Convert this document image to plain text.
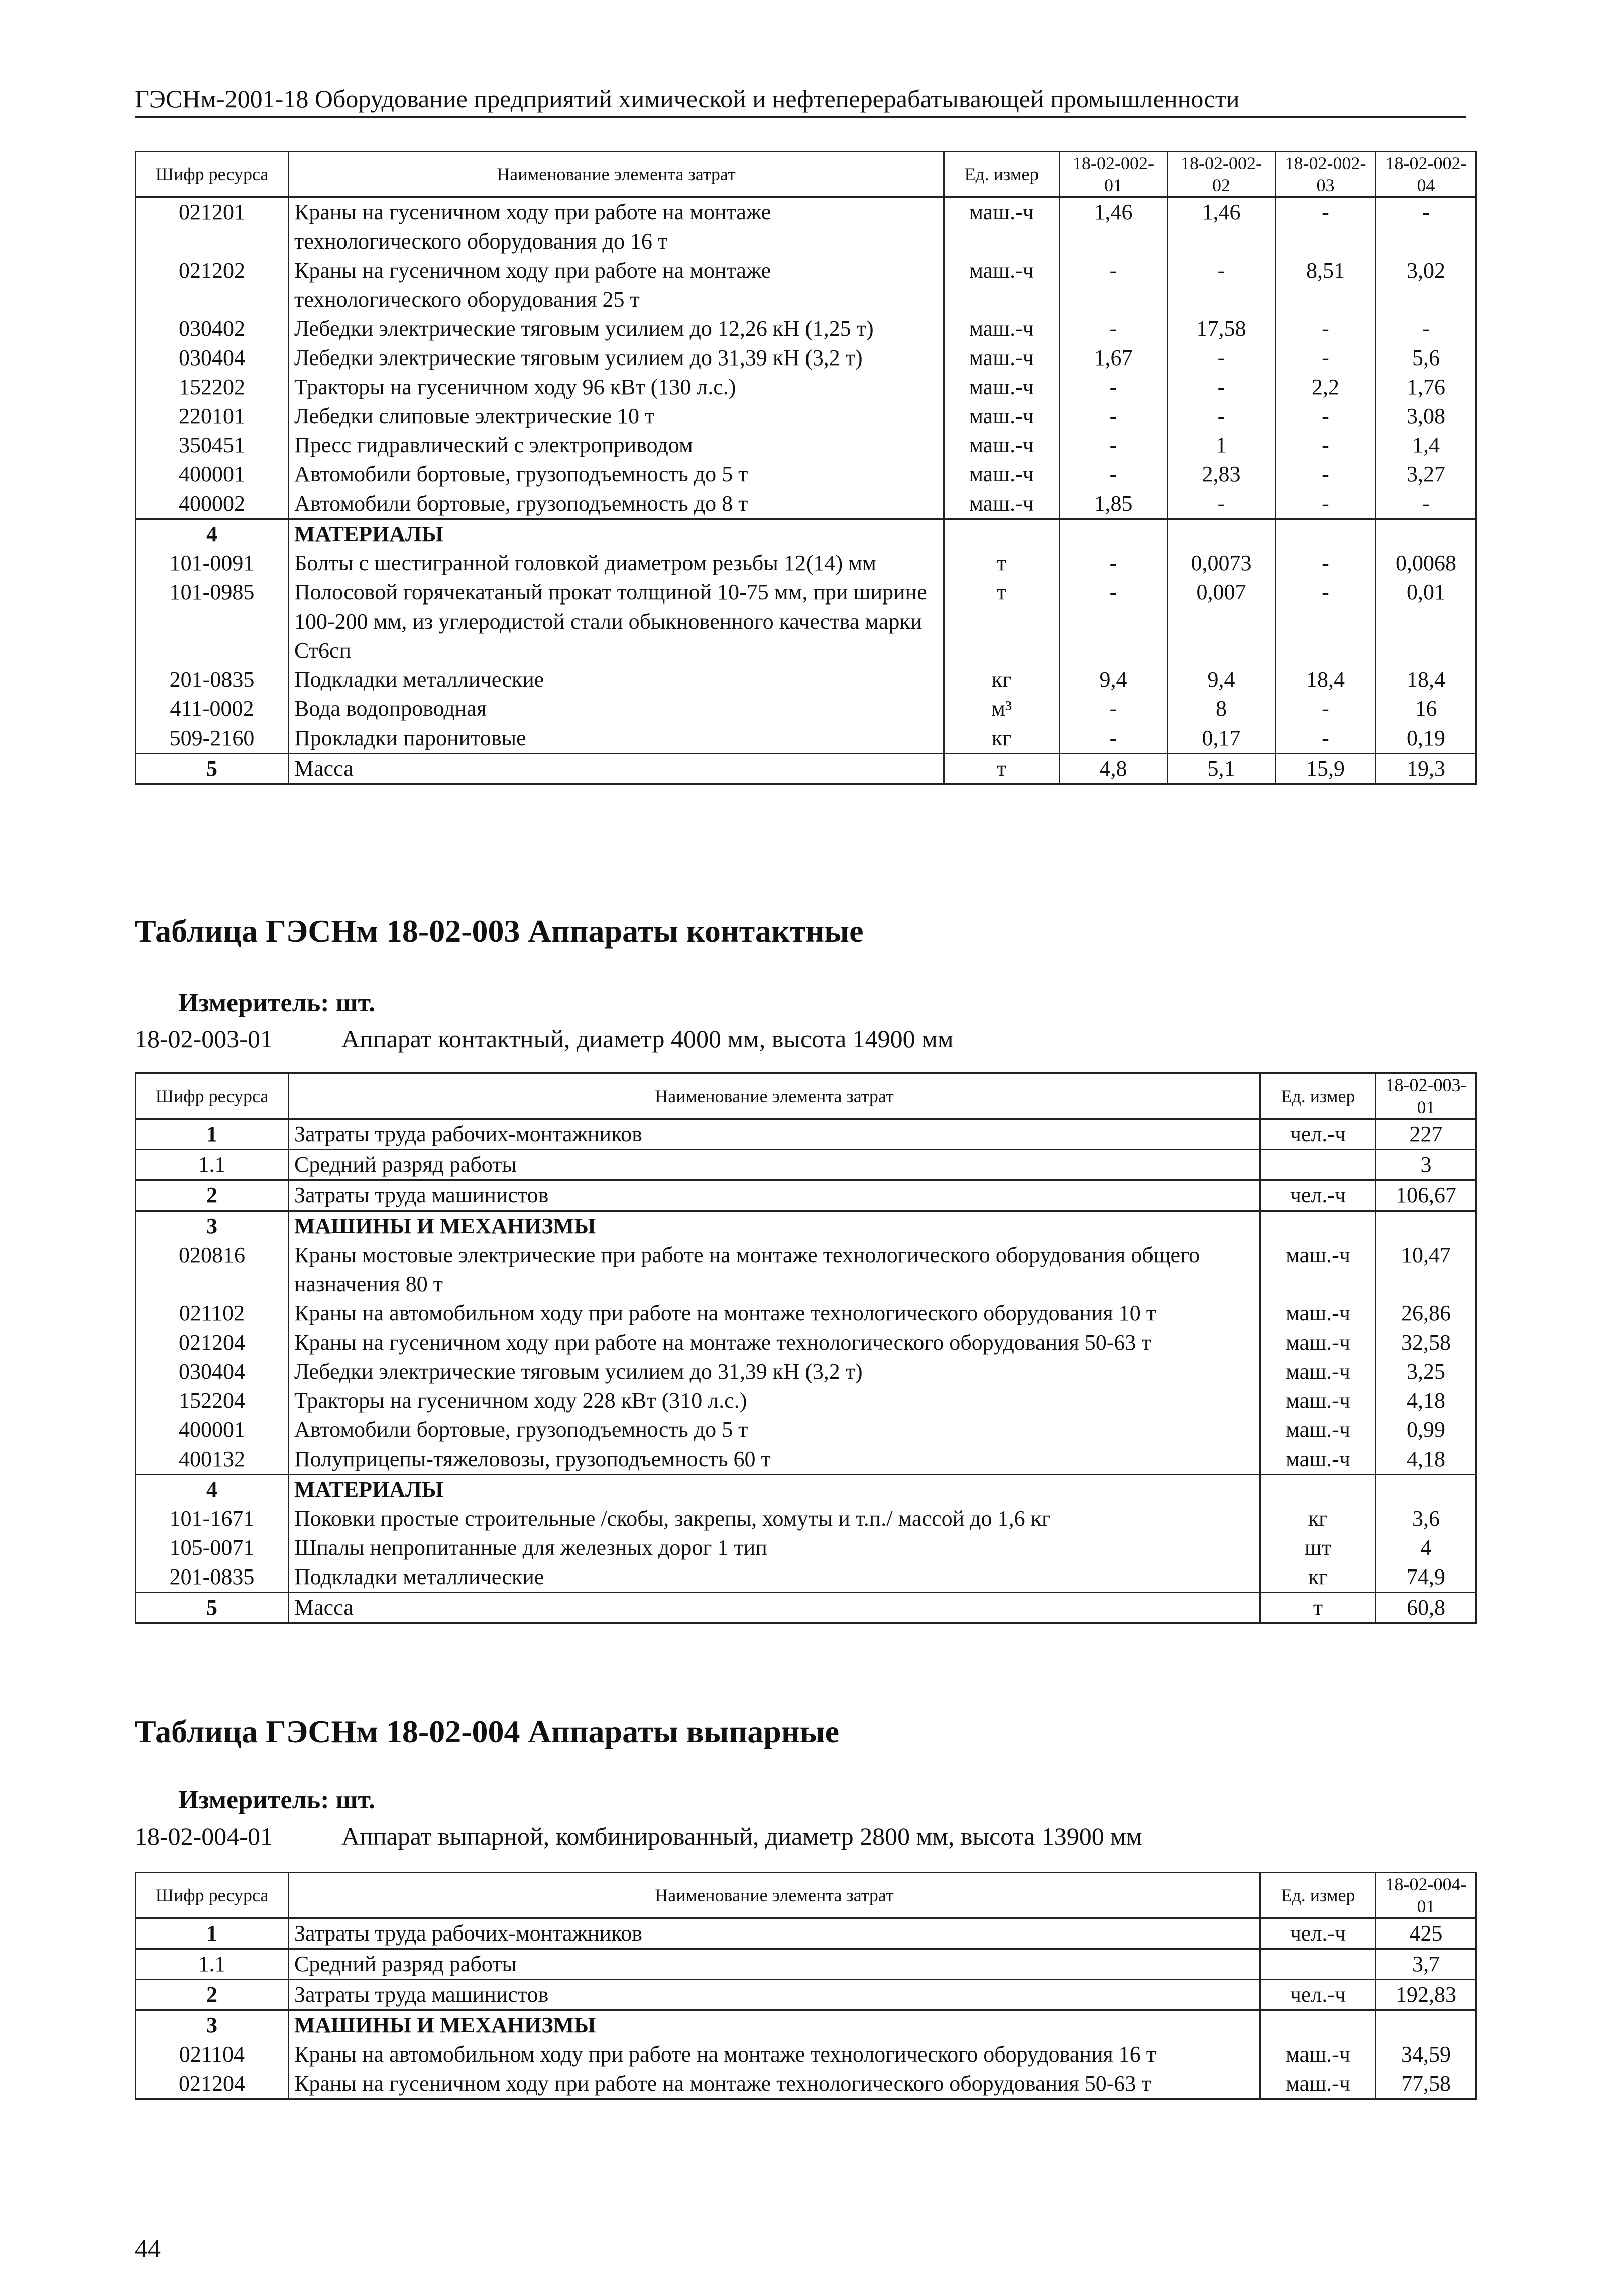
ГЭСНм-2001-18 Оборудование предприятий химической и нефтеперерабатывающей промышленности
Шифр ресурса	Наименование элемента затрат	Ед. измер	18-02-002-01	18-02-002-02	18-02-002-03	18-02-002-04
021201	Краны на гусеничном ходу при работе на монтаже технологического оборудования до 16 т	маш.-ч	1,46	1,46	-	-
021202	Краны на гусеничном ходу при работе на монтаже технологического оборудования 25 т	маш.-ч	-	-	8,51	3,02
030402	Лебедки электрические тяговым усилием до 12,26 кН (1,25 т)	маш.-ч	-	17,58	-	-
030404	Лебедки электрические тяговым усилием до 31,39 кН (3,2 т)	маш.-ч	1,67	-	-	5,6
152202	Тракторы на гусеничном ходу 96 кВт (130 л.с.)	маш.-ч	-	-	2,2	1,76
220101	Лебедки слиповые электрические 10 т	маш.-ч	-	-	-	3,08
350451	Пресс гидравлический с электроприводом	маш.-ч	-	1	-	1,4
400001	Автомобили бортовые, грузоподъемность до 5 т	маш.-ч	-	2,83	-	3,27
400002	Автомобили бортовые, грузоподъемность до 8 т	маш.-ч	1,85	-	-	-
4	МАТЕРИАЛЫ					
101-0091	Болты с шестигранной головкой диаметром резьбы 12(14) мм	т	-	0,0073	-	0,0068
101-0985	Полосовой горячекатаный прокат толщиной 10-75 мм, при ширине 100-200 мм, из углеродистой стали обыкновенного качества марки Ст6сп	т	-	0,007	-	0,01
201-0835	Подкладки металлические	кг	9,4	9,4	18,4	18,4
411-0002	Вода водопроводная	м³	-	8	-	16
509-2160	Прокладки паронитовые	кг	-	0,17	-	0,19
5	Масса	т	4,8	5,1	15,9	19,3
Таблица ГЭСНм 18-02-003 Аппараты контактные
Измеритель: шт.
18-02-003-01	Аппарат контактный, диаметр 4000 мм, высота 14900 мм
Шифр ресурса	Наименование элемента затрат	Ед. измер	18-02-003-01
1	Затраты труда рабочих-монтажников	чел.-ч	227
1.1	Средний разряд работы		3
2	Затраты труда машинистов	чел.-ч	106,67
3	МАШИНЫ И МЕХАНИЗМЫ		
020816	Краны мостовые электрические при работе на монтаже технологического оборудования общего назначения 80 т	маш.-ч	10,47
021102	Краны на автомобильном ходу при работе на монтаже технологического оборудования 10 т	маш.-ч	26,86
021204	Краны на гусеничном ходу при работе на монтаже технологического оборудования 50-63 т	маш.-ч	32,58
030404	Лебедки электрические тяговым усилием до 31,39 кН (3,2 т)	маш.-ч	3,25
152204	Тракторы на гусеничном ходу 228 кВт (310 л.с.)	маш.-ч	4,18
400001	Автомобили бортовые, грузоподъемность до 5 т	маш.-ч	0,99
400132	Полуприцепы-тяжеловозы, грузоподъемность 60 т	маш.-ч	4,18
4	МАТЕРИАЛЫ		
101-1671	Поковки простые строительные /скобы, закрепы, хомуты и т.п./ массой до 1,6 кг	кг	3,6
105-0071	Шпалы непропитанные для железных дорог 1 тип	шт	4
201-0835	Подкладки металлические	кг	74,9
5	Масса	т	60,8
Таблица ГЭСНм 18-02-004 Аппараты выпарные
Измеритель: шт.
18-02-004-01	Аппарат выпарной, комбинированный, диаметр 2800 мм, высота 13900 мм
Шифр ресурса	Наименование элемента затрат	Ед. измер	18-02-004-01
1	Затраты труда рабочих-монтажников	чел.-ч	425
1.1	Средний разряд работы		3,7
2	Затраты труда машинистов	чел.-ч	192,83
3	МАШИНЫ И МЕХАНИЗМЫ		
021104	Краны на автомобильном ходу при работе на монтаже технологического оборудования 16 т	маш.-ч	34,59
021204	Краны на гусеничном ходу при работе на монтаже технологического оборудования 50-63 т	маш.-ч	77,58
44
